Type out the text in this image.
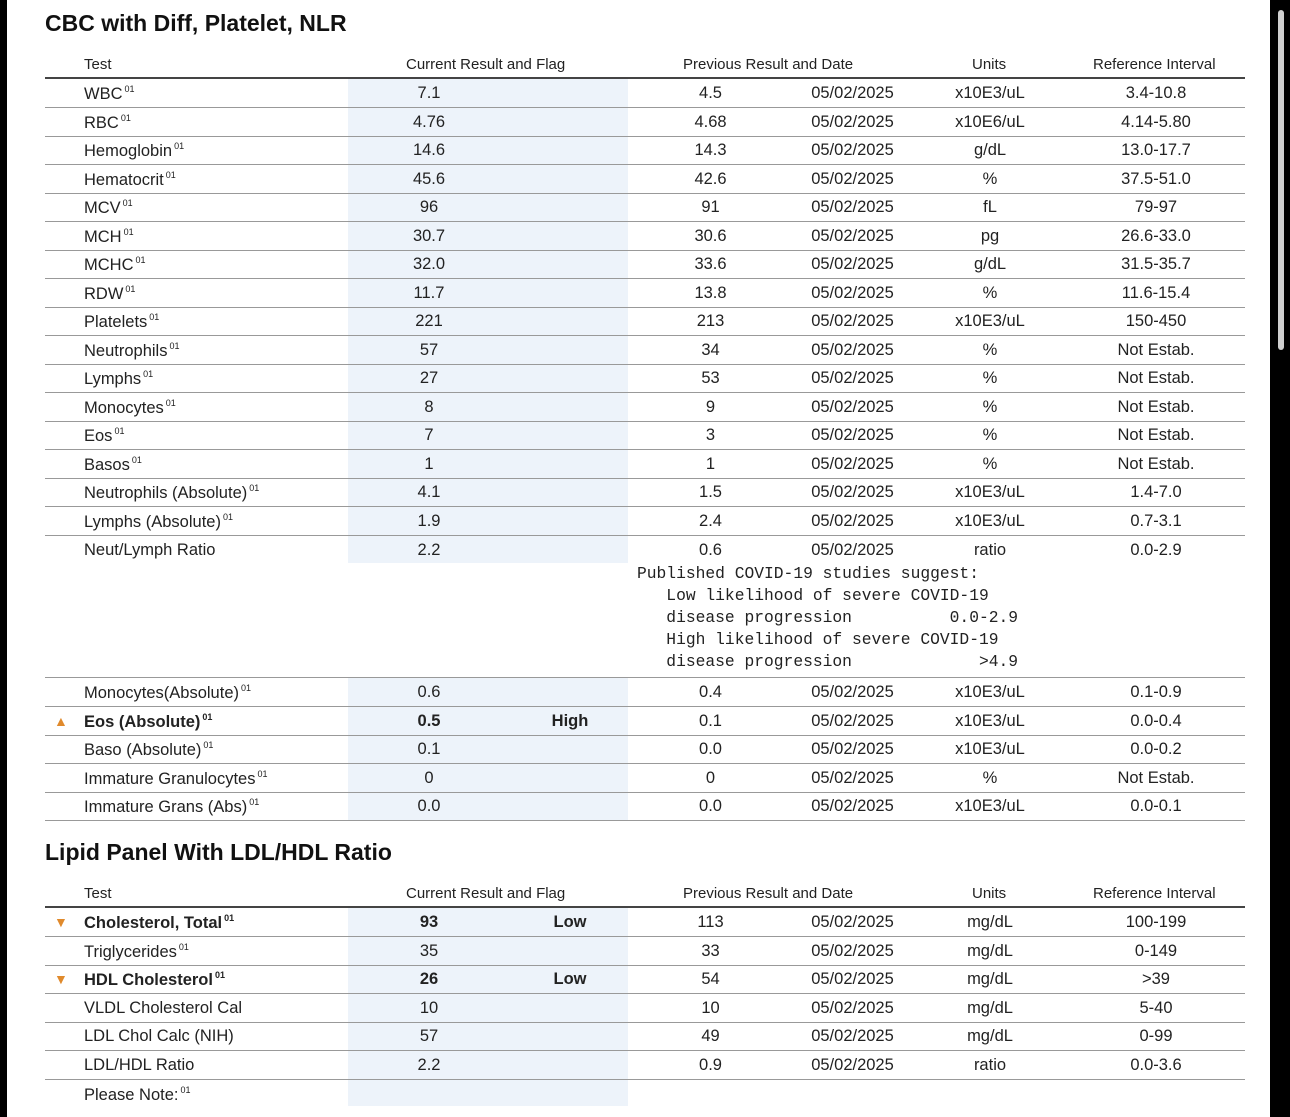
CBC with Diff, Platelet, NLR
Test	Current Result and Flag	Previous Result and Date	Units	Reference Interval
WBC $^{01}$	7.1	4.5	05/02/2025	x10E3/uL	3.4-10.8
RBC $^{01}$	4.76	4.68	05/02/2025	x10E6/uL	4.14-5.80
Hemoglobin $^{01}$	14.6	14.3	05/02/2025	g/dL	13.0-17.7
Hematocrit $^{01}$	45.6	42.6	05/02/2025	%	37.5-51.0
MCV $^{01}$	96	91	05/02/2025	fL	79-97
MCH $^{01}$	30.7	30.6	05/02/2025	pg	26.6-33.0
MCHC $^{01}$	32.0	33.6	05/02/2025	g/dL	31.5-35.7
RDW $^{01}$	11.7	13.8	05/02/2025	%	11.6-15.4
Platelets $^{01}$	221	213	05/02/2025	x10E3/uL	150-450
Neutrophils $^{01}$	57	34	05/02/2025	%	Not Estab.
Lymphs $^{01}$	27	53	05/02/2025	%	Not Estab.
Monocytes $^{01}$	8	9	05/02/2025	%	Not Estab.
Eos $^{01}$	7	3	05/02/2025	%	Not Estab.
Basos $^{01}$	1	1	05/02/2025	%	Not Estab.
Neutrophils (Absolute) $^{01}$	4.1	1.5	05/02/2025	x10E3/uL	1.4-7.0
Lymphs (Absolute) $^{01}$	1.9	2.4	05/02/2025	x10E3/uL	0.7-3.1
Neut/Lymph Ratio	2.2	0.6	05/02/2025	ratio	0.0-2.9
Published COVID-19 studies suggest:
Low likelihood of severe COVID-19
disease progression          0.0-2.9
High likelihood of severe COVID-19
disease progression             >4.9
Monocytes(Absolute) $^{01}$	0.6	0.4	05/02/2025	x10E3/uL	0.1-0.9
▲ Eos (Absolute) $^{01}$	0.5	High	0.1	05/02/2025	x10E3/uL	0.0-0.4
Baso (Absolute) $^{01}$	0.1	0.0	05/02/2025	x10E3/uL	0.0-0.2
Immature Granulocytes $^{01}$	0	0	05/02/2025	%	Not Estab.
Immature Grans (Abs) $^{01}$	0.0	0.0	05/02/2025	x10E3/uL	0.0-0.1
Lipid Panel With LDL/HDL Ratio
Test	Current Result and Flag	Previous Result and Date	Units	Reference Interval
▼ Cholesterol, Total $^{01}$	93	Low	113	05/02/2025	mg/dL	100-199
Triglycerides $^{01}$	35	33	05/02/2025	mg/dL	0-149
▼ HDL Cholesterol $^{01}$	26	Low	54	05/02/2025	mg/dL	>39
VLDL Cholesterol Cal	10	10	05/02/2025	mg/dL	5-40
LDL Chol Calc (NIH)	57	49	05/02/2025	mg/dL	0-99
LDL/HDL Ratio	2.2	0.9	05/02/2025	ratio	0.0-3.6
Please Note: $^{01}$
